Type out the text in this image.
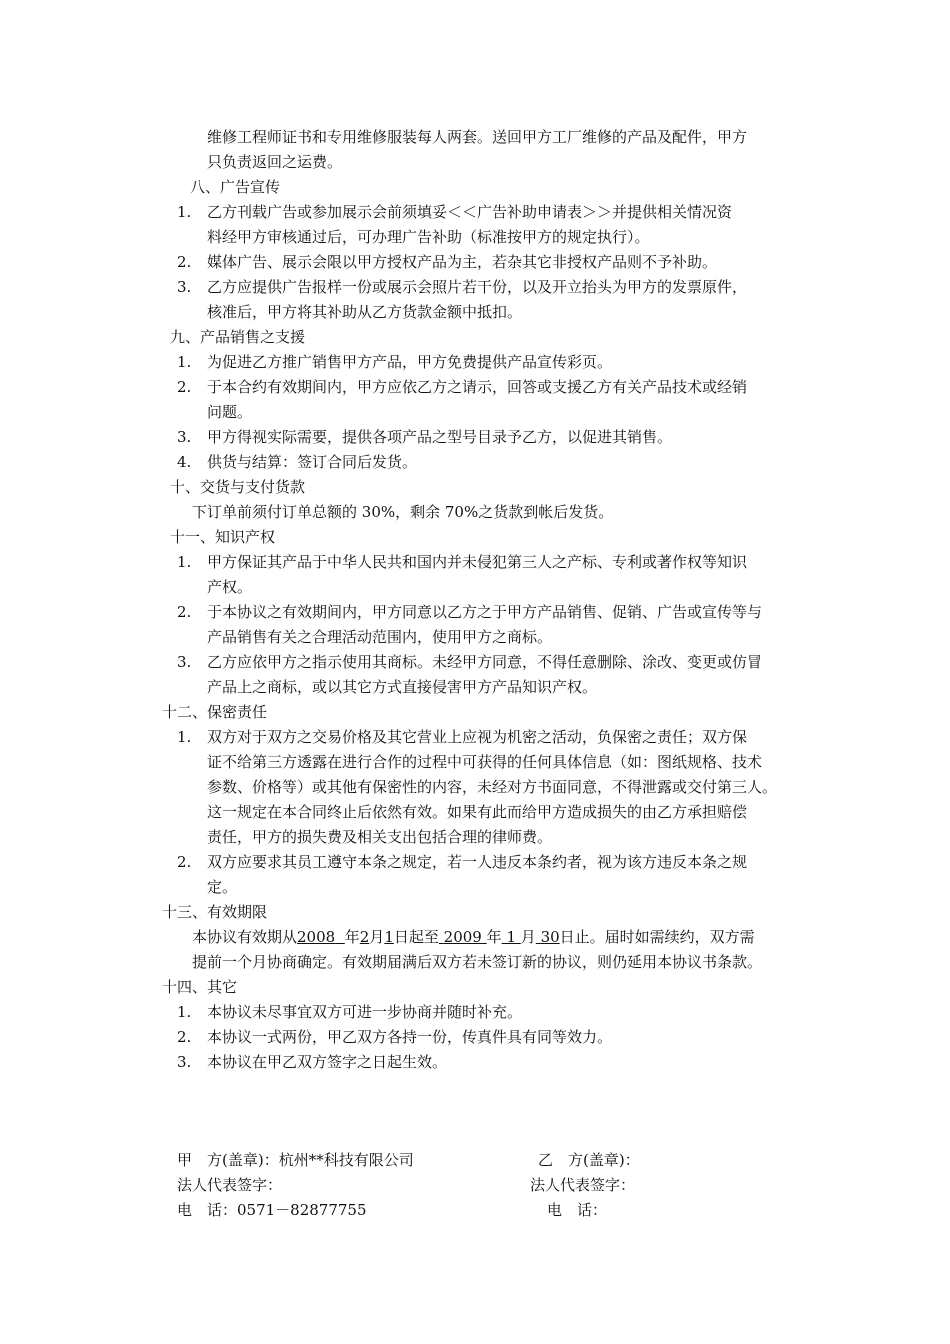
维修工程师证书和专用维修服装每人两套。送回甲方工厂维修的产品及配件，甲方
只负责返回之运费。
八、广告宣传
1. 乙方刊载广告或参加展示会前须填妥＜＜广告补助申请表＞＞并提供相关情况资
料经甲方审核通过后，可办理广告补助（标准按甲方的规定执行）。
2. 媒体广告、展示会限以甲方授权产品为主，若杂其它非授权产品则不予补助。
3. 乙方应提供广告报样一份或展示会照片若干份，以及开立抬头为甲方的发票原件，
核准后，甲方将其补助从乙方货款金额中抵扣。
九、产品销售之支援
1. 为促进乙方推广销售甲方产品，甲方免费提供产品宣传彩页。
2. 于本合约有效期间内，甲方应依乙方之请示，回答或支援乙方有关产品技术或经销
问题。
3. 甲方得视实际需要，提供各项产品之型号目录予乙方，以促进其销售。
4. 供货与结算：签订合同后发货。
十、交货与支付货款
下订单前须付订单总额的 30%，剩余 70%之货款到帐后发货。
十一、知识产权
1. 甲方保证其产品于中华人民共和国内并未侵犯第三人之产标、专利或著作权等知识
产权。
2. 于本协议之有效期间内，甲方同意以乙方之于甲方产品销售、促销、广告或宣传等与
产品销售有关之合理活动范围内，使用甲方之商标。
3. 乙方应依甲方之指示使用其商标。未经甲方同意，不得任意删除、涂改、变更或仿冒
产品上之商标，或以其它方式直接侵害甲方产品知识产权。
十二、保密责任
1. 双方对于双方之交易价格及其它营业上应视为机密之活动，负保密之责任；双方保
证不给第三方透露在进行合作的过程中可获得的任何具体信息（如：图纸规格、技术
参数、价格等）或其他有保密性的内容，未经对方书面同意，不得泄露或交付第三人。
这一规定在本合同终止后依然有效。如果有此而给甲方造成损失的由乙方承担赔偿
责任，甲方的损失费及相关支出包括合理的律师费。
2. 双方应要求其员工遵守本条之规定，若一人违反本条约者，视为该方违反本条之规
定。
十三、有效期限
本协议有效期从2008 年2月1日起至 2009 年 1 月 30日止。届时如需续约，双方需
提前一个月协商确定。有效期届满后双方若未签订新的协议，则仍延用本协议书条款。
十四、其它
1. 本协议未尽事宜双方可进一步协商并随时补充。
2. 本协议一式两份，甲乙双方各持一份，传真件具有同等效力。
3. 本协议在甲乙双方签字之日起生效。
甲　方(盖章)：杭州**科技有限公司
法人代表签字：
电　话：0571－82877755
乙　方(盖章)：
法人代表签字：
电　话：
